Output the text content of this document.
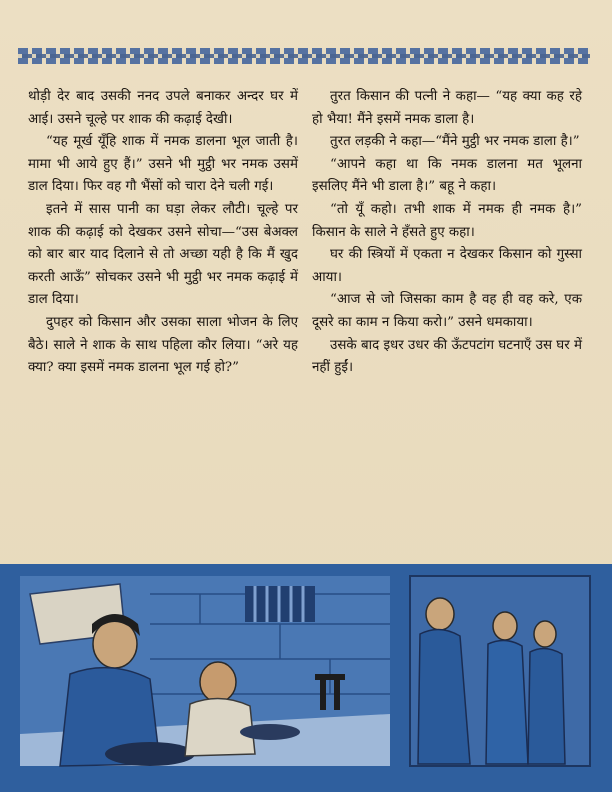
थोड़ी देर बाद उसकी ननद उपले बनाकर अन्दर घर में आई। उसने चूल्हे पर शाक की कढ़ाई देखी।

“यह मूर्ख यूँहि शाक में नमक डालना भूल जाती है। मामा भी आये हुए हैं।” उसने भी मुट्ठी भर नमक उसमें डाल दिया। फिर वह गौ भैंसों को चारा देने चली गई।

इतने में सास पानी का घड़ा लेकर लौटी। चूल्हे पर शाक की कढ़ाई को देखकर उसने सोचा—“उस बेअक्ल को बार बार याद दिलाने से तो अच्छा यही है कि मैं खुद करती आऊँ” सोचकर उसने भी मुट्ठी भर नमक कढ़ाई में डाल दिया।

दुपहर को किसान और उसका साला भोजन के लिए बैठे। साले ने शाक के साथ पहिला कौर लिया। “अरे यह क्या? क्या इसमें नमक डालना भूल गई हो?”

तुरत किसान की पत्नी ने कहा— “यह क्या कह रहे हो भैया! मैंने इसमें नमक डाला है।

तुरत लड़की ने कहा—“मैंने मुट्ठी भर नमक डाला है।”

“आपने कहा था कि नमक डालना मत भूलना इसलिए मैंने भी डाला है।” बहू ने कहा।

“तो यूँ कहो। तभी शाक में नमक ही नमक है।” किसान के साले ने हँसते हुए कहा।

घर की स्त्रियों में एकता न देखकर किसान को गुस्सा आया।

“आज से जो जिसका काम है वह ही वह करे, एक दूसरे का काम न किया करो।” उसने धमकाया।

उसके बाद इधर उधर की ऊँटपटांग घटनाएँ उस घर में नहीं हुईं।
